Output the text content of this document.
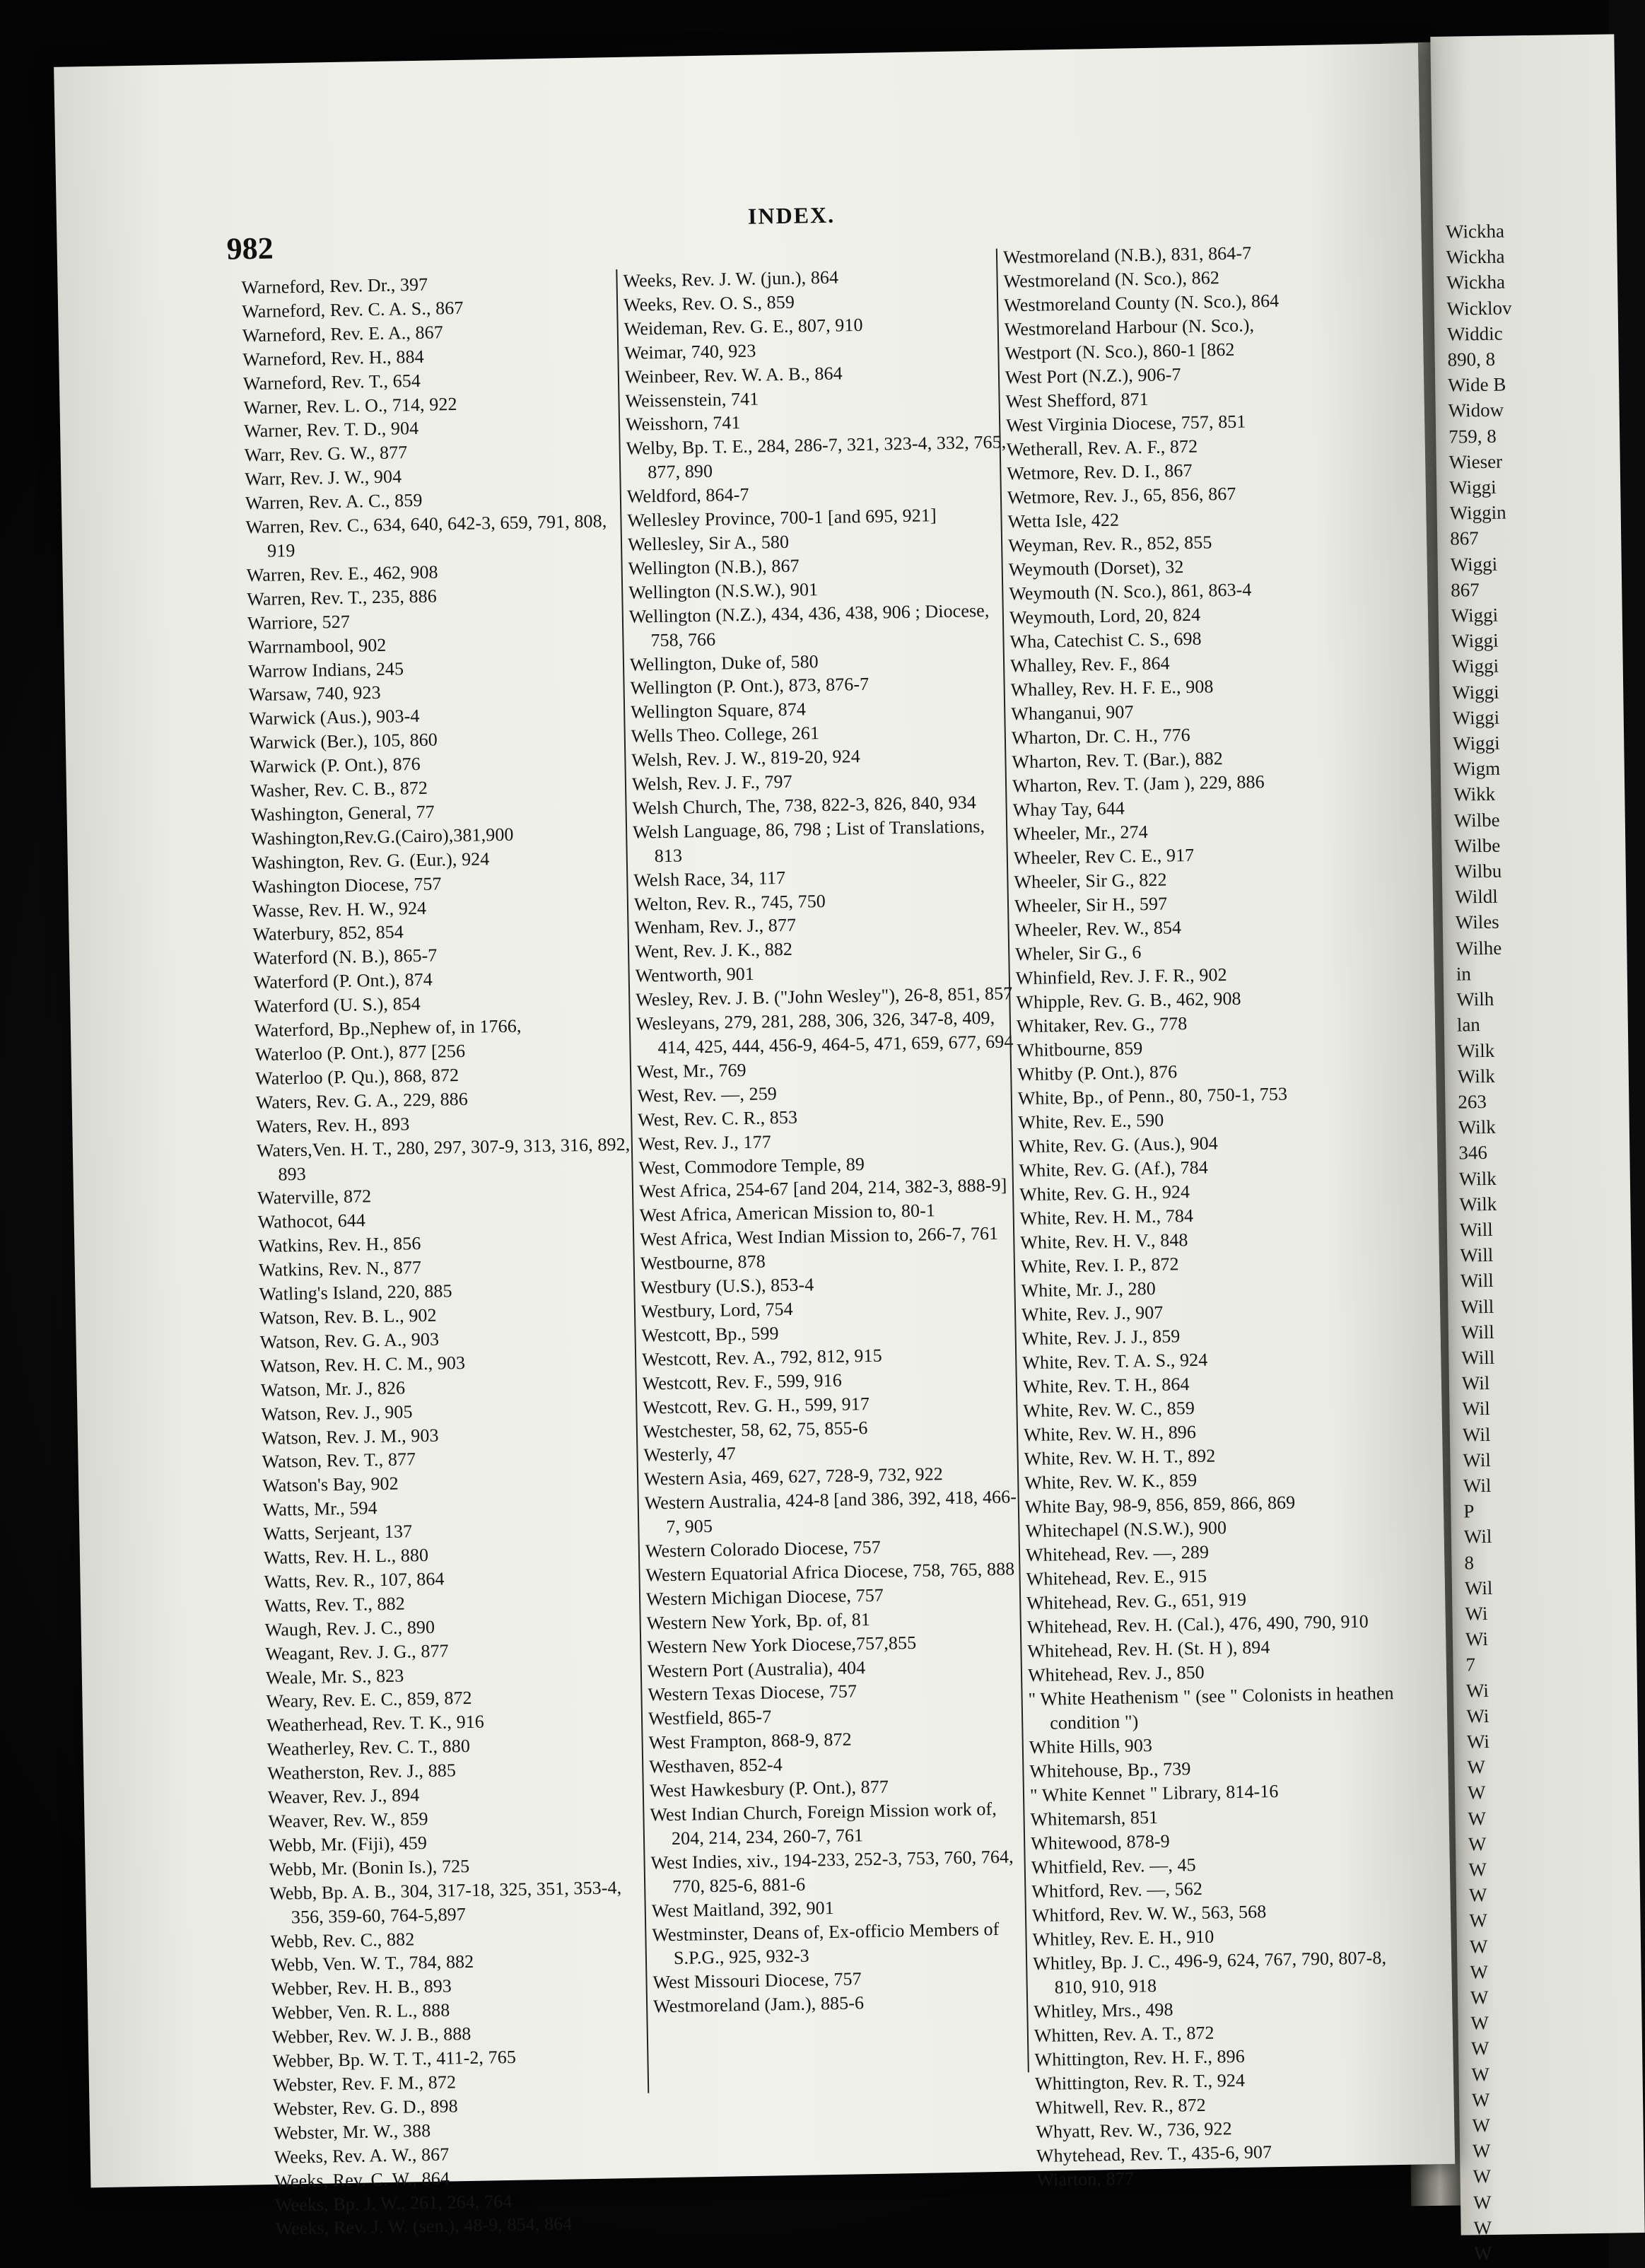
Wickha
Wickha
Wickha
Wicklov
Widdic
890, 8
Wide B
Widow
759, 8
Wieser
Wiggi
Wiggin
867
Wiggi
867
Wiggi
Wiggi
Wiggi
Wiggi
Wiggi
Wiggi
Wigm
Wikk
Wilbe
Wilbe
Wilbu
Wildl
Wiles
Wilhe
in
Wilh
lan
Wilk
Wilk
263
Wilk
346
Wilk
Wilk
Will
Will
Will
Will
Will
Will
Wil
Wil
Wil
Wil
Wil
P
Wil
8
Wil
Wi
Wi
7
Wi
Wi
Wi
W
W
W
W
W
W
W
W
W
W
W
W
W
W
W
W
W
W
W
W
982
INDEX.

Warneford, Rev. Dr., 397

Warneford, Rev. C. A. S., 867

Warneford, Rev. E. A., 867

Warneford, Rev. H., 884

Warneford, Rev. T., 654

Warner, Rev. L. O., 714, 922

Warner, Rev. T. D., 904

Warr, Rev. G. W., 877

Warr, Rev. J. W., 904

Warren, Rev. A. C., 859

Warren, Rev. C., 634, 640, 642-3, 659, 791, 808, 919

Warren, Rev. E., 462, 908

Warren, Rev. T., 235, 886

Warriore, 527

Warrnambool, 902

Warrow Indians, 245

Warsaw, 740, 923

Warwick (Aus.), 903-4

Warwick (Ber.), 105, 860

Warwick (P. Ont.), 876

Washer, Rev. C. B., 872

Washington, General, 77

Washington,Rev.G.(Cairo),381,900

Washington, Rev. G. (Eur.), 924

Washington Diocese, 757

Wasse, Rev. H. W., 924

Waterbury, 852, 854

Waterford (N. B.), 865-7

Waterford (P. Ont.), 874

Waterford (U. S.), 854

Waterford, Bp.,Nephew of, in 1766,

Waterloo (P. Ont.), 877 [256

Waterloo (P. Qu.), 868, 872

Waters, Rev. G. A., 229, 886

Waters, Rev. H., 893

Waters,Ven. H. T., 280, 297, 307-9, 313, 316, 892, 893

Waterville, 872

Wathocot, 644

Watkins, Rev. H., 856

Watkins, Rev. N., 877

Watling's Island, 220, 885

Watson, Rev. B. L., 902

Watson, Rev. G. A., 903

Watson, Rev. H. C. M., 903

Watson, Mr. J., 826

Watson, Rev. J., 905

Watson, Rev. J. M., 903

Watson, Rev. T., 877

Watson's Bay, 902

Watts, Mr., 594

Watts, Serjeant, 137

Watts, Rev. H. L., 880

Watts, Rev. R., 107, 864

Watts, Rev. T., 882

Waugh, Rev. J. C., 890

Weagant, Rev. J. G., 877

Weale, Mr. S., 823

Weary, Rev. E. C., 859, 872

Weatherhead, Rev. T. K., 916

Weatherley, Rev. C. T., 880

Weatherston, Rev. J., 885

Weaver, Rev. J., 894

Weaver, Rev. W., 859

Webb, Mr. (Fiji), 459

Webb, Mr. (Bonin Is.), 725

Webb, Bp. A. B., 304, 317-18, 325, 351, 353-4, 356, 359-60, 764-5,897

Webb, Rev. C., 882

Webb, Ven. W. T., 784, 882

Webber, Rev. H. B., 893

Webber, Ven. R. L., 888

Webber, Rev. W. J. B., 888

Webber, Bp. W. T. T., 411-2, 765

Webster, Rev. F. M., 872

Webster, Rev. G. D., 898

Webster, Mr. W., 388

Weeks, Rev. A. W., 867

Weeks, Rev. C. W., 864

Weeks, Bp. J. W., 261, 264, 764

Weeks, Rev. J. W. (sen.), 48-9, 854, 864

Weeks, Rev. J. W. (jun.), 864

Weeks, Rev. O. S., 859

Weideman, Rev. G. E., 807, 910

Weimar, 740, 923

Weinbeer, Rev. W. A. B., 864

Weissenstein, 741

Weisshorn, 741

Welby, Bp. T. E., 284, 286-7, 321, 323-4, 332, 765, 877, 890

Weldford, 864-7

Wellesley Province, 700-1 [and 695, 921]

Wellesley, Sir A., 580

Wellington (N.B.), 867

Wellington (N.S.W.), 901

Wellington (N.Z.), 434, 436, 438, 906 ; Diocese, 758, 766

Wellington, Duke of, 580

Wellington (P. Ont.), 873, 876-7

Wellington Square, 874

Wells Theo. College, 261

Welsh, Rev. J. W., 819-20, 924

Welsh, Rev. J. F., 797

Welsh Church, The, 738, 822-3, 826, 840, 934

Welsh Language, 86, 798 ; List of Translations, 813

Welsh Race, 34, 117

Welton, Rev. R., 745, 750

Wenham, Rev. J., 877

Went, Rev. J. K., 882

Wentworth, 901

Wesley, Rev. J. B. ("John Wesley"), 26-8, 851, 857

Wesleyans, 279, 281, 288, 306, 326, 347-8, 409, 414, 425, 444, 456-9, 464-5, 471, 659, 677, 694

West, Mr., 769

West, Rev. —, 259

West, Rev. C. R., 853

West, Rev. J., 177

West, Commodore Temple, 89

West Africa, 254-67 [and 204, 214, 382-3, 888-9]

West Africa, American Mission to, 80-1

West Africa, West Indian Mission to, 266-7, 761

Westbourne, 878

Westbury (U.S.), 853-4

Westbury, Lord, 754

Westcott, Bp., 599

Westcott, Rev. A., 792, 812, 915

Westcott, Rev. F., 599, 916

Westcott, Rev. G. H., 599, 917

Westchester, 58, 62, 75, 855-6

Westerly, 47

Western Asia, 469, 627, 728-9, 732, 922

Western Australia, 424-8 [and 386, 392, 418, 466-7, 905

Western Colorado Diocese, 757

Western Equatorial Africa Diocese, 758, 765, 888

Western Michigan Diocese, 757

Western New York, Bp. of, 81

Western New York Diocese,757,855

Western Port (Australia), 404

Western Texas Diocese, 757

Westfield, 865-7

West Frampton, 868-9, 872

Westhaven, 852-4

West Hawkesbury (P. Ont.), 877

West Indian Church, Foreign Mission work of, 204, 214, 234, 260-7, 761

West Indies, xiv., 194-233, 252-3, 753, 760, 764, 770, 825-6, 881-6

West Maitland, 392, 901

Westminster, Deans of, Ex-officio Members of S.P.G., 925, 932-3

West Missouri Diocese, 757

Westmoreland (Jam.), 885-6

Westmoreland (N.B.), 831, 864-7

Westmoreland (N. Sco.), 862

Westmoreland County (N. Sco.), 864

Westmoreland Harbour (N. Sco.),

Westport (N. Sco.), 860-1 [862

West Port (N.Z.), 906-7

West Shefford, 871

West Virginia Diocese, 757, 851

Wetherall, Rev. A. F., 872

Wetmore, Rev. D. I., 867

Wetmore, Rev. J., 65, 856, 867

Wetta Isle, 422

Weyman, Rev. R., 852, 855

Weymouth (Dorset), 32

Weymouth (N. Sco.), 861, 863-4

Weymouth, Lord, 20, 824

Wha, Catechist C. S., 698

Whalley, Rev. F., 864

Whalley, Rev. H. F. E., 908

Whanganui, 907

Wharton, Dr. C. H., 776

Wharton, Rev. T. (Bar.), 882

Wharton, Rev. T. (Jam ), 229, 886

Whay Tay, 644

Wheeler, Mr., 274

Wheeler, Rev C. E., 917

Wheeler, Sir G., 822

Wheeler, Sir H., 597

Wheeler, Rev. W., 854

Wheler, Sir G., 6

Whinfield, Rev. J. F. R., 902

Whipple, Rev. G. B., 462, 908

Whitaker, Rev. G., 778

Whitbourne, 859

Whitby (P. Ont.), 876

White, Bp., of Penn., 80, 750-1, 753

White, Rev. E., 590

White, Rev. G. (Aus.), 904

White, Rev. G. (Af.), 784

White, Rev. G. H., 924

White, Rev. H. M., 784

White, Rev. H. V., 848

White, Rev. I. P., 872

White, Mr. J., 280

White, Rev. J., 907

White, Rev. J. J., 859

White, Rev. T. A. S., 924

White, Rev. T. H., 864

White, Rev. W. C., 859

White, Rev. W. H., 896

White, Rev. W. H. T., 892

White, Rev. W. K., 859

White Bay, 98-9, 856, 859, 866, 869

Whitechapel (N.S.W.), 900

Whitehead, Rev. —, 289

Whitehead, Rev. E., 915

Whitehead, Rev. G., 651, 919

Whitehead, Rev. H. (Cal.), 476, 490, 790, 910

Whitehead, Rev. H. (St. H ), 894

Whitehead, Rev. J., 850

" White Heathenism " (see " Colonists in heathen condition ")

White Hills, 903

Whitehouse, Bp., 739

" White Kennet " Library, 814-16

Whitemarsh, 851

Whitewood, 878-9

Whitfield, Rev. —, 45

Whitford, Rev. —, 562

Whitford, Rev. W. W., 563, 568

Whitley, Rev. E. H., 910

Whitley, Bp. J. C., 496-9, 624, 767, 790, 807-8, 810, 910, 918

Whitley, Mrs., 498

Whitten, Rev. A. T., 872

Whittington, Rev. H. F., 896

Whittington, Rev. R. T., 924

Whitwell, Rev. R., 872

Whyatt, Rev. W., 736, 922

Whytehead, Rev. T., 435-6, 907

Wiarton, 877
